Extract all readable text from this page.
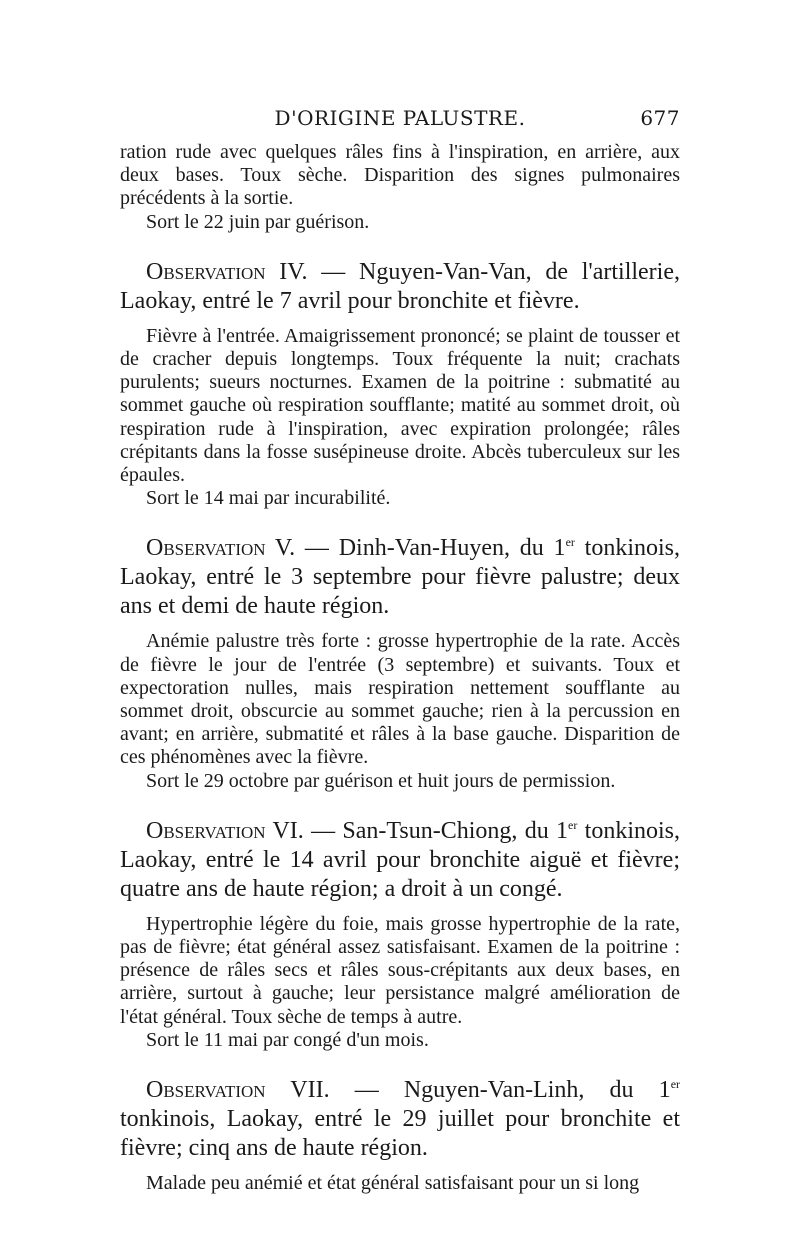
D'ORIGINE PALUSTRE.	677

ration rude avec quelques râles fins à l'inspiration, en arrière, aux deux bases. Toux sèche. Disparition des signes pulmonaires précédents à la sortie.

Sort le 22 juin par guérison.

Observation IV. — Nguyen-Van-Van, de l'artillerie, Laokay, entré le 7 avril pour bronchite et fièvre.

Fièvre à l'entrée. Amaigrissement prononcé; se plaint de tousser et de cracher depuis longtemps. Toux fréquente la nuit; crachats purulents; sueurs nocturnes. Examen de la poitrine : submatité au sommet gauche où respiration soufflante; matité au sommet droit, où respiration rude à l'inspiration, avec expiration prolongée; râles crépitants dans la fosse susépineuse droite. Abcès tuberculeux sur les épaules.

Sort le 14 mai par incurabilité.

Observation V. — Dinh-Van-Huyen, du 1er tonkinois, Laokay, entré le 3 septembre pour fièvre palustre; deux ans et demi de haute région.

Anémie palustre très forte : grosse hypertrophie de la rate. Accès de fièvre le jour de l'entrée (3 septembre) et suivants. Toux et expectoration nulles, mais respiration nettement soufflante au sommet droit, obscurcie au sommet gauche; rien à la percussion en avant; en arrière, submatité et râles à la base gauche. Disparition de ces phénomènes avec la fièvre.

Sort le 29 octobre par guérison et huit jours de permission.

Observation VI. — San-Tsun-Chiong, du 1er tonkinois, Laokay, entré le 14 avril pour bronchite aiguë et fièvre; quatre ans de haute région; a droit à un congé.

Hypertrophie légère du foie, mais grosse hypertrophie de la rate, pas de fièvre; état général assez satisfaisant. Examen de la poitrine : présence de râles secs et râles sous-crépitants aux deux bases, en arrière, surtout à gauche; leur persistance malgré amélioration de l'état général. Toux sèche de temps à autre.

Sort le 11 mai par congé d'un mois.

Observation VII. — Nguyen-Van-Linh, du 1er tonkinois, Laokay, entré le 29 juillet pour bronchite et fièvre; cinq ans de haute région.

Malade peu anémié et état général satisfaisant pour un si long
